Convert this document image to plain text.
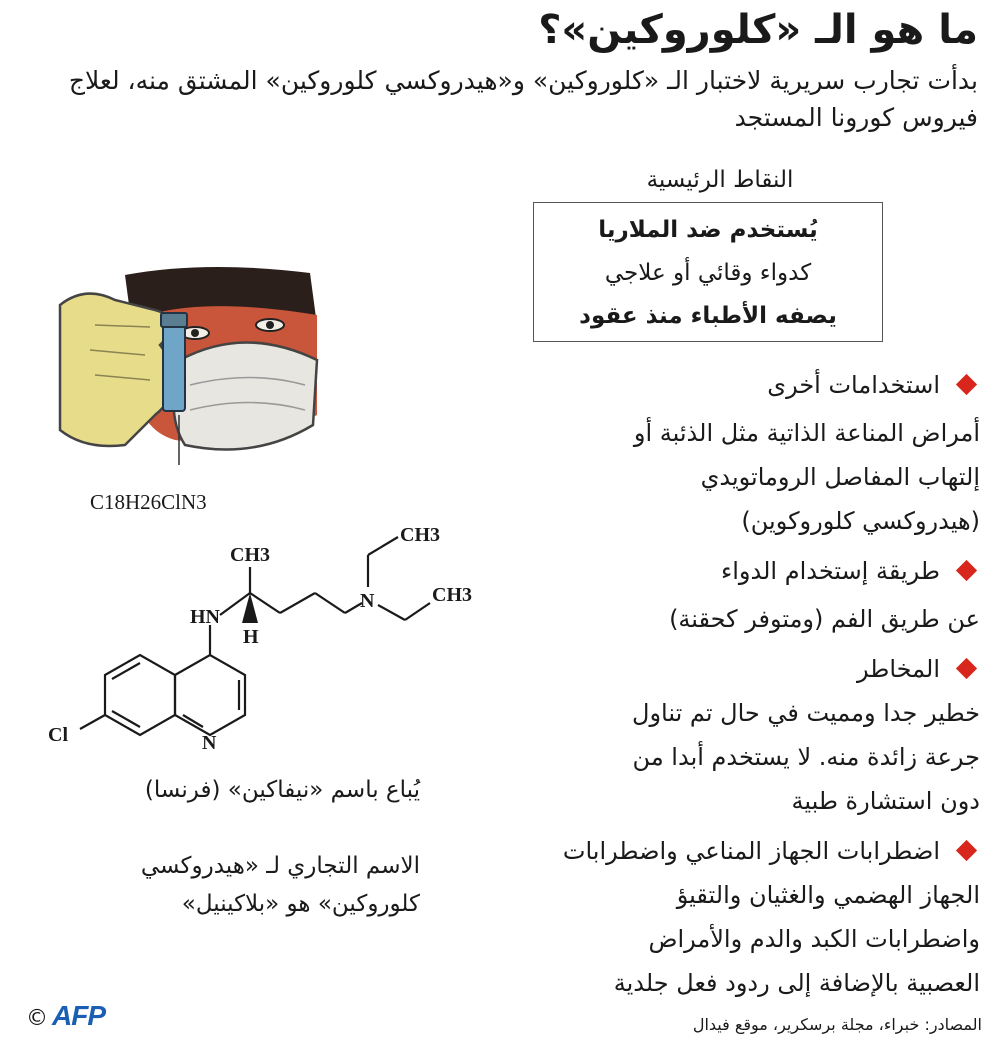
ما هو الـ «كلوروكين»؟
بدأت تجارب سريرية لاختبار الـ «كلوروكين» و«هيدروكسي كلوروكين» المشتق منه، لعلاج فيروس كورونا المستجد
النقاط الرئيسية
يُستخدم ضد الملاريا
كدواء وقائي أو علاجي
يصفه الأطباء منذ عقود
استخدامات أخرى
أمراض المناعة الذاتية مثل الذئبة أو
إلتهاب المفاصل الروماتويدي
(هيدروكسي كلوروكوين)
طريقة إستخدام الدواء
عن طريق الفم (ومتوفر كحقنة)
المخاطر
خطير جدا ومميت في حال تم تناول
جرعة زائدة منه. لا يستخدم أبدا من
دون استشارة طبية
اضطرابات الجهاز المناعي واضطرابات
الجهاز الهضمي والغثيان والتقيؤ
واضطرابات الكبد والدم والأمراض
العصبية بالإضافة إلى ردود فعل جلدية
C18H26ClN3
CH3
CH3
CH3
HN
H
N
N
Cl
يُباع باسم «نيفاكين» (فرنسا)
الاسم التجاري لـ «هيدروكسي
كلوروكين» هو «بلاكينيل»
© AFP	المصادر: خبراء، مجلة برسكرير، موقع فيدال
